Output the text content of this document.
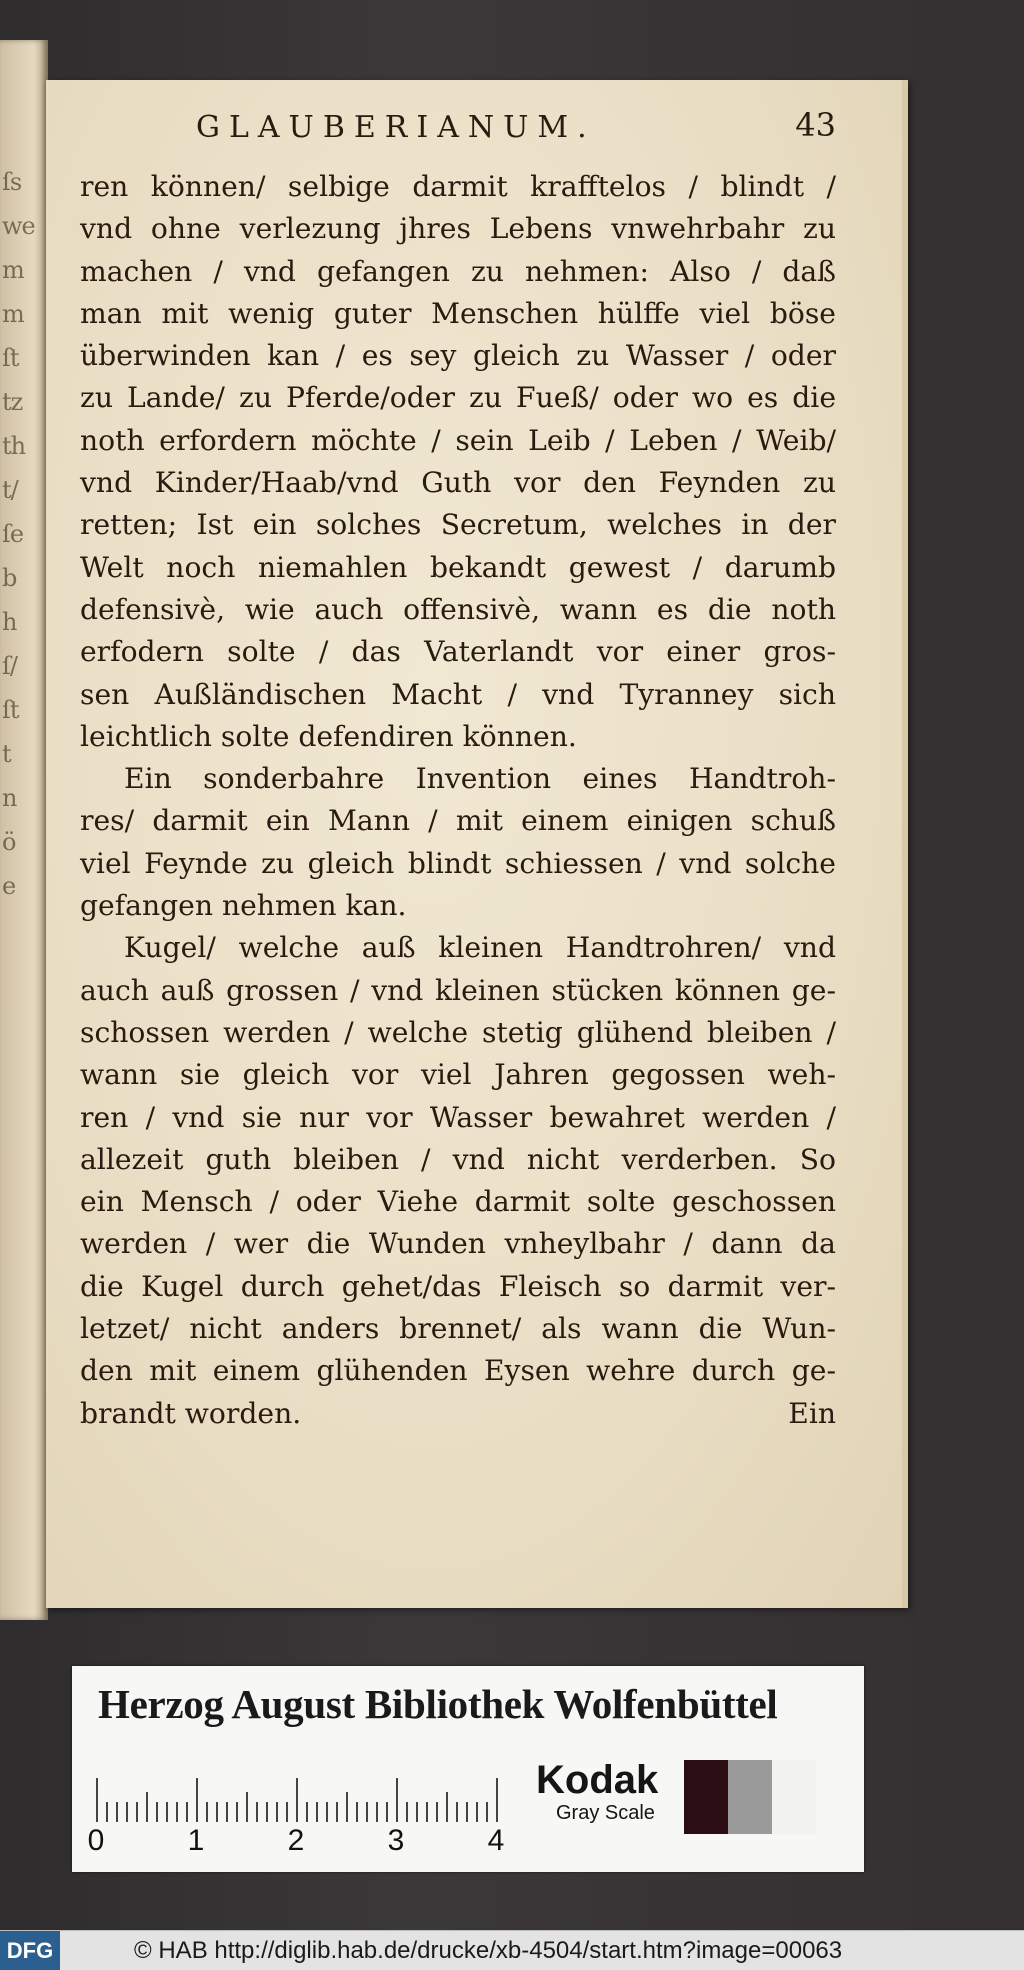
ſs
we
m
m
ſt
tz
th
t/
ſe
b
h
ſ/
ſt
t
n
ö
e
GLAUBERIANUM.	43
ren können/ selbige darmit krafftelos / blindt /
vnd ohne verlezung jhres Lebens vnwehrbahr zu
machen / vnd gefangen zu nehmen: Also / daß
man mit wenig guter Menschen hülffe viel böse
überwinden kan / es sey gleich zu Wasser / oder
zu Lande/ zu Pferde/oder zu Fueß/ oder wo es die
noth erfordern möchte / sein Leib / Leben / Weib/
vnd Kinder/Haab/vnd Guth vor den Feynden zu
retten; Ist ein solches Secretum, welches in der
Welt noch niemahlen bekandt gewest / darumb
defensivè, wie auch offensivè, wann es die noth
erfodern solte / das Vaterlandt vor einer gros-
sen Außländischen Macht / vnd Tyranney sich
leichtlich solte defendiren können.
Ein sonderbahre Invention eines Handtroh-
res/ darmit ein Mann / mit einem einigen schuß
viel Feynde zu gleich blindt schiessen / vnd solche
gefangen nehmen kan.
Kugel/ welche auß kleinen Handtrohren/ vnd
auch auß grossen / vnd kleinen stücken können ge-
schossen werden / welche stetig glühend bleiben /
wann sie gleich vor viel Jahren gegossen weh-
ren / vnd sie nur vor Wasser bewahret werden /
allezeit guth bleiben / vnd nicht verderben. So
ein Mensch / oder Viehe darmit solte geschossen
werden / wer die Wunden vnheylbahr / dann da
die Kugel durch gehet/das Fleisch so darmit ver-
letzet/ nicht anders brennet/ als wann die Wun-
den mit einem glühenden Eysen wehre durch ge-
brandt worden.	Ein
Herzog August Bibliothek Wolfenbüttel
0	1	2	3	4
Kodak
Gray Scale
DFG	© HAB http://diglib.hab.de/drucke/xb-4504/start.htm?image=00063
